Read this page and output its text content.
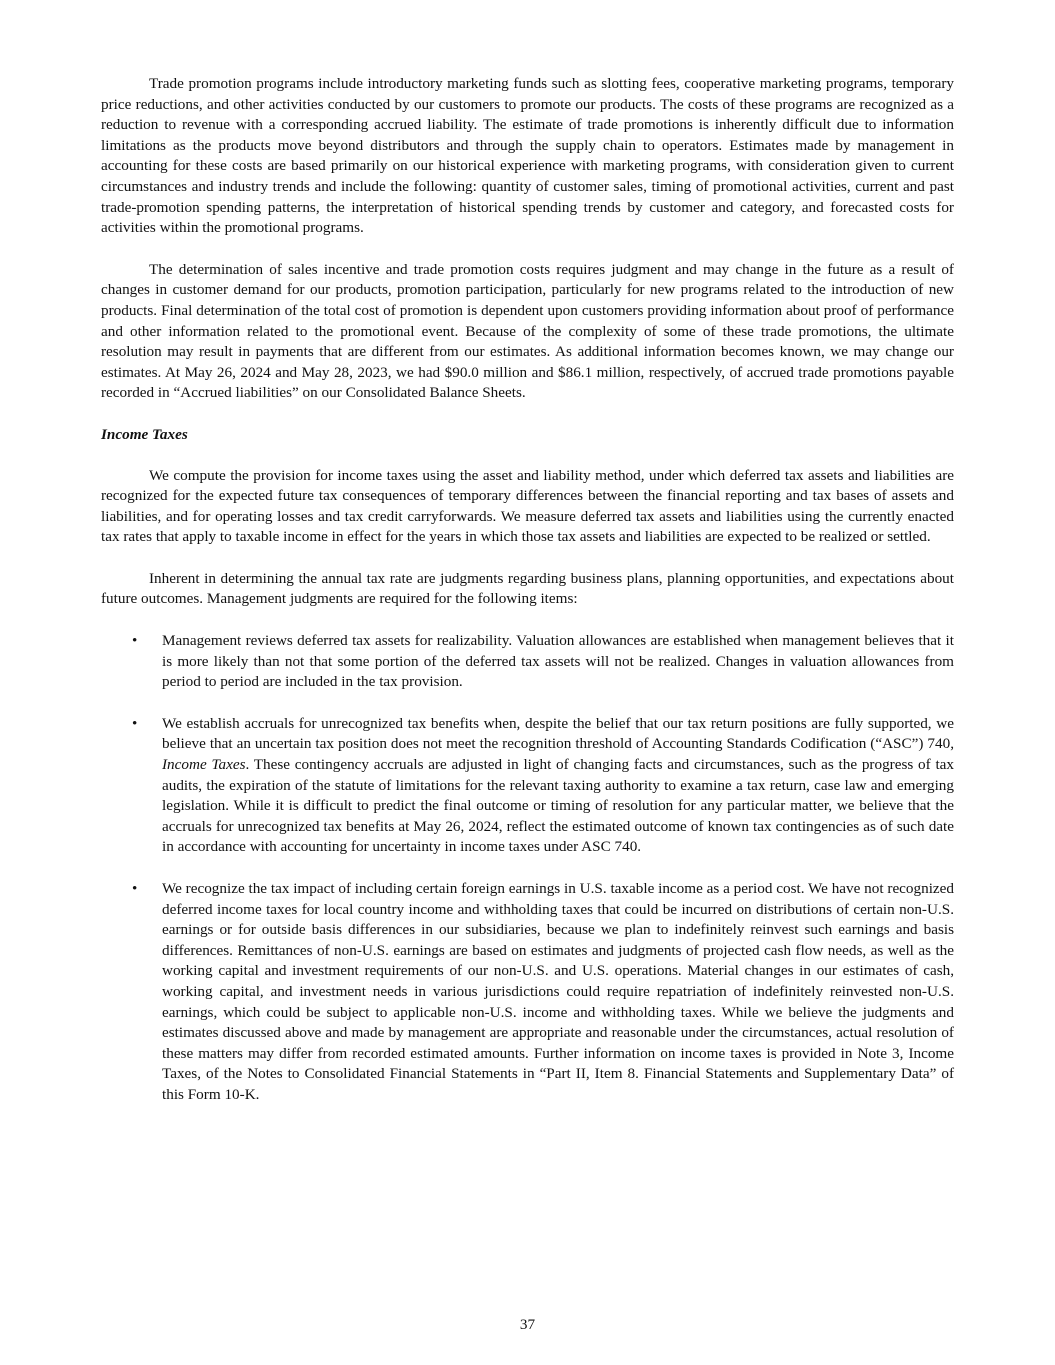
Trade promotion programs include introductory marketing funds such as slotting fees, cooperative marketing programs, temporary price reductions, and other activities conducted by our customers to promote our products. The costs of these programs are recognized as a reduction to revenue with a corresponding accrued liability. The estimate of trade promotions is inherently difficult due to information limitations as the products move beyond distributors and through the supply chain to operators. Estimates made by management in accounting for these costs are based primarily on our historical experience with marketing programs, with consideration given to current circumstances and industry trends and include the following: quantity of customer sales, timing of promotional activities, current and past trade-promotion spending patterns, the interpretation of historical spending trends by customer and category, and forecasted costs for activities within the promotional programs.

The determination of sales incentive and trade promotion costs requires judgment and may change in the future as a result of changes in customer demand for our products, promotion participation, particularly for new programs related to the introduction of new products. Final determination of the total cost of promotion is dependent upon customers providing information about proof of performance and other information related to the promotional event. Because of the complexity of some of these trade promotions, the ultimate resolution may result in payments that are different from our estimates. As additional information becomes known, we may change our estimates. At May 26, 2024 and May 28, 2023, we had $90.0 million and $86.1 million, respectively, of accrued trade promotions payable recorded in “Accrued liabilities” on our Consolidated Balance Sheets.

Income Taxes

We compute the provision for income taxes using the asset and liability method, under which deferred tax assets and liabilities are recognized for the expected future tax consequences of temporary differences between the financial reporting and tax bases of assets and liabilities, and for operating losses and tax credit carryforwards. We measure deferred tax assets and liabilities using the currently enacted tax rates that apply to taxable income in effect for the years in which those tax assets and liabilities are expected to be realized or settled.

Inherent in determining the annual tax rate are judgments regarding business plans, planning opportunities, and expectations about future outcomes. Management judgments are required for the following items:

• Management reviews deferred tax assets for realizability. Valuation allowances are established when management believes that it is more likely than not that some portion of the deferred tax assets will not be realized. Changes in valuation allowances from period to period are included in the tax provision.
• We establish accruals for unrecognized tax benefits when, despite the belief that our tax return positions are fully supported, we believe that an uncertain tax position does not meet the recognition threshold of Accounting Standards Codification (“ASC”) 740, Income Taxes. These contingency accruals are adjusted in light of changing facts and circumstances, such as the progress of tax audits, the expiration of the statute of limitations for the relevant taxing authority to examine a tax return, case law and emerging legislation. While it is difficult to predict the final outcome or timing of resolution for any particular matter, we believe that the accruals for unrecognized tax benefits at May 26, 2024, reflect the estimated outcome of known tax contingencies as of such date in accordance with accounting for uncertainty in income taxes under ASC 740.
• We recognize the tax impact of including certain foreign earnings in U.S. taxable income as a period cost. We have not recognized deferred income taxes for local country income and withholding taxes that could be incurred on distributions of certain non-U.S. earnings or for outside basis differences in our subsidiaries, because we plan to indefinitely reinvest such earnings and basis differences. Remittances of non-U.S. earnings are based on estimates and judgments of projected cash flow needs, as well as the working capital and investment requirements of our non-U.S. and U.S. operations. Material changes in our estimates of cash, working capital, and investment needs in various jurisdictions could require repatriation of indefinitely reinvested non-U.S. earnings, which could be subject to applicable non-U.S. income and withholding taxes. While we believe the judgments and estimates discussed above and made by management are appropriate and reasonable under the circumstances, actual resolution of these matters may differ from recorded estimated amounts. Further information on income taxes is provided in Note 3, Income Taxes, of the Notes to Consolidated Financial Statements in “Part II, Item 8. Financial Statements and Supplementary Data” of this Form 10-K.
37
